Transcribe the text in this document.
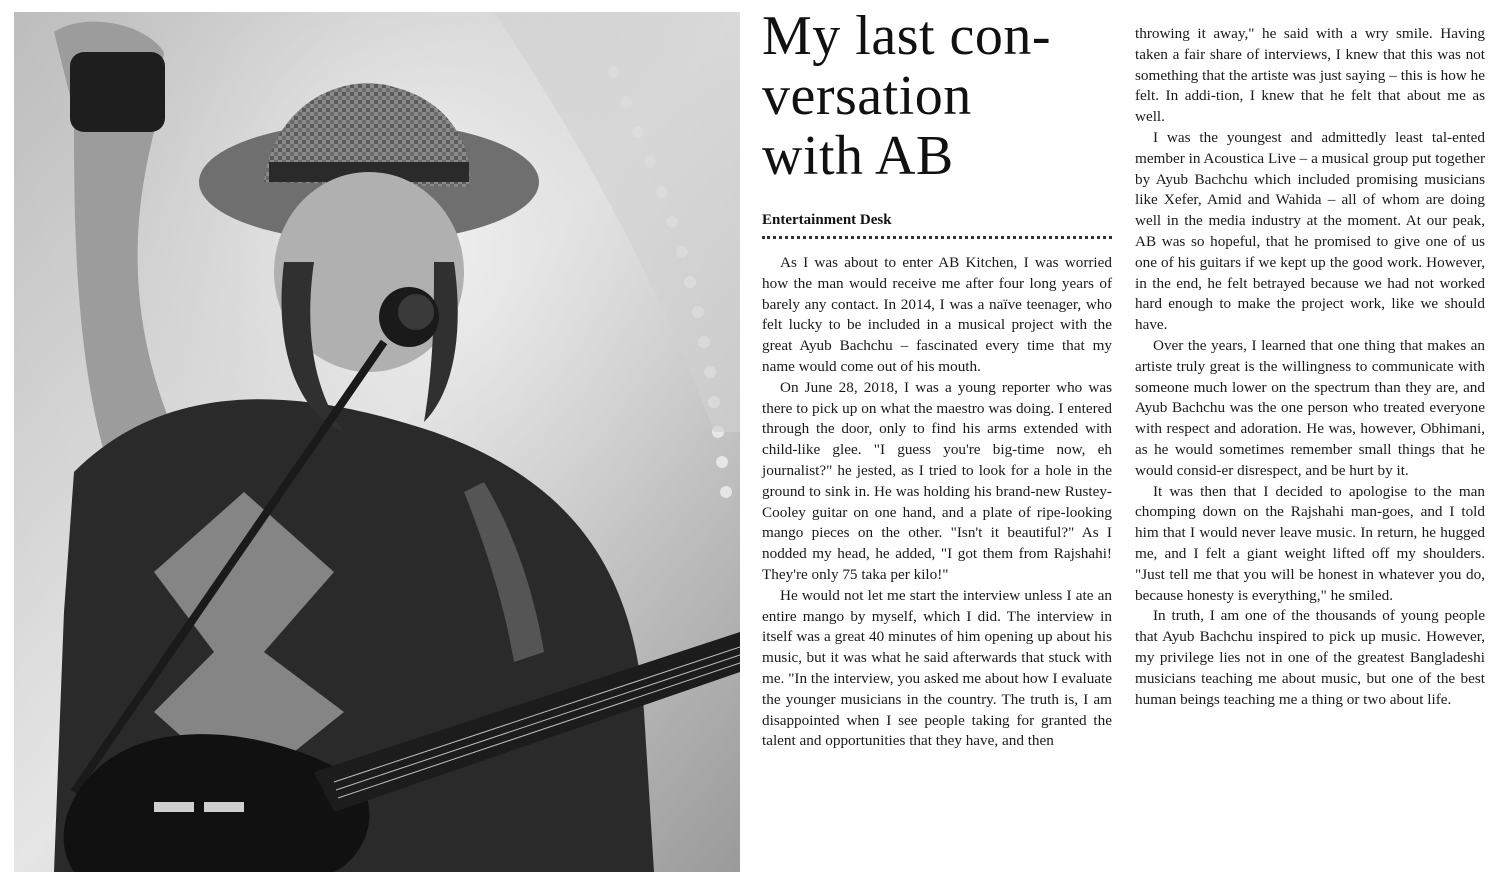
My last con-
versation
with AB
Entertainment Desk

As I was about to enter AB Kitchen, I was worried how the man would receive me after four long years of barely any contact. In 2014, I was a naïve teenager, who felt lucky to be included in a musical project with the great Ayub Bachchu – fascinated every time that my name would come out of his mouth.

On June 28, 2018, I was a young reporter who was there to pick up on what the maestro was doing. I entered through the door, only to find his arms extended with child-like glee. "I guess you're big-time now, eh journalist?" he jested, as I tried to look for a hole in the ground to sink in. He was holding his brand-new Rustey-Cooley guitar on one hand, and a plate of ripe-looking mango pieces on the other. "Isn't it beautiful?" As I nodded my head, he added, "I got them from Rajshahi! They're only 75 taka per kilo!"

He would not let me start the interview unless I ate an entire mango by myself, which I did. The interview in itself was a great 40 minutes of him opening up about his music, but it was what he said afterwards that stuck with me. "In the interview, you asked me about how I evaluate the younger musicians in the country. The truth is, I am disappointed when I see people taking for granted the talent and opportunities that they have, and then

throwing it away," he said with a wry smile. Having taken a fair share of interviews, I knew that this was not something that the artiste was just saying – this is how he felt. In addi-tion, I knew that he felt that about me as well.

I was the youngest and admittedly least tal-ented member in Acoustica Live – a musical group put together by Ayub Bachchu which included promising musicians like Xefer, Amid and Wahida – all of whom are doing well in the media industry at the moment. At our peak, AB was so hopeful, that he promised to give one of us one of his guitars if we kept up the good work. However, in the end, he felt betrayed because we had not worked hard enough to make the project work, like we should have.

Over the years, I learned that one thing that makes an artiste truly great is the willingness to communicate with someone much lower on the spectrum than they are, and Ayub Bachchu was the one person who treated everyone with respect and adoration. He was, however, Obhimani, as he would sometimes remember small things that he would consid-er disrespect, and be hurt by it.

It was then that I decided to apologise to the man chomping down on the Rajshahi man-goes, and I told him that I would never leave music. In return, he hugged me, and I felt a giant weight lifted off my shoulders. "Just tell me that you will be honest in whatever you do, because honesty is everything," he smiled.

In truth, I am one of the thousands of young people that Ayub Bachchu inspired to pick up music. However, my privilege lies not in one of the greatest Bangladeshi musicians teaching me about music, but one of the best human beings teaching me a thing or two about life.
